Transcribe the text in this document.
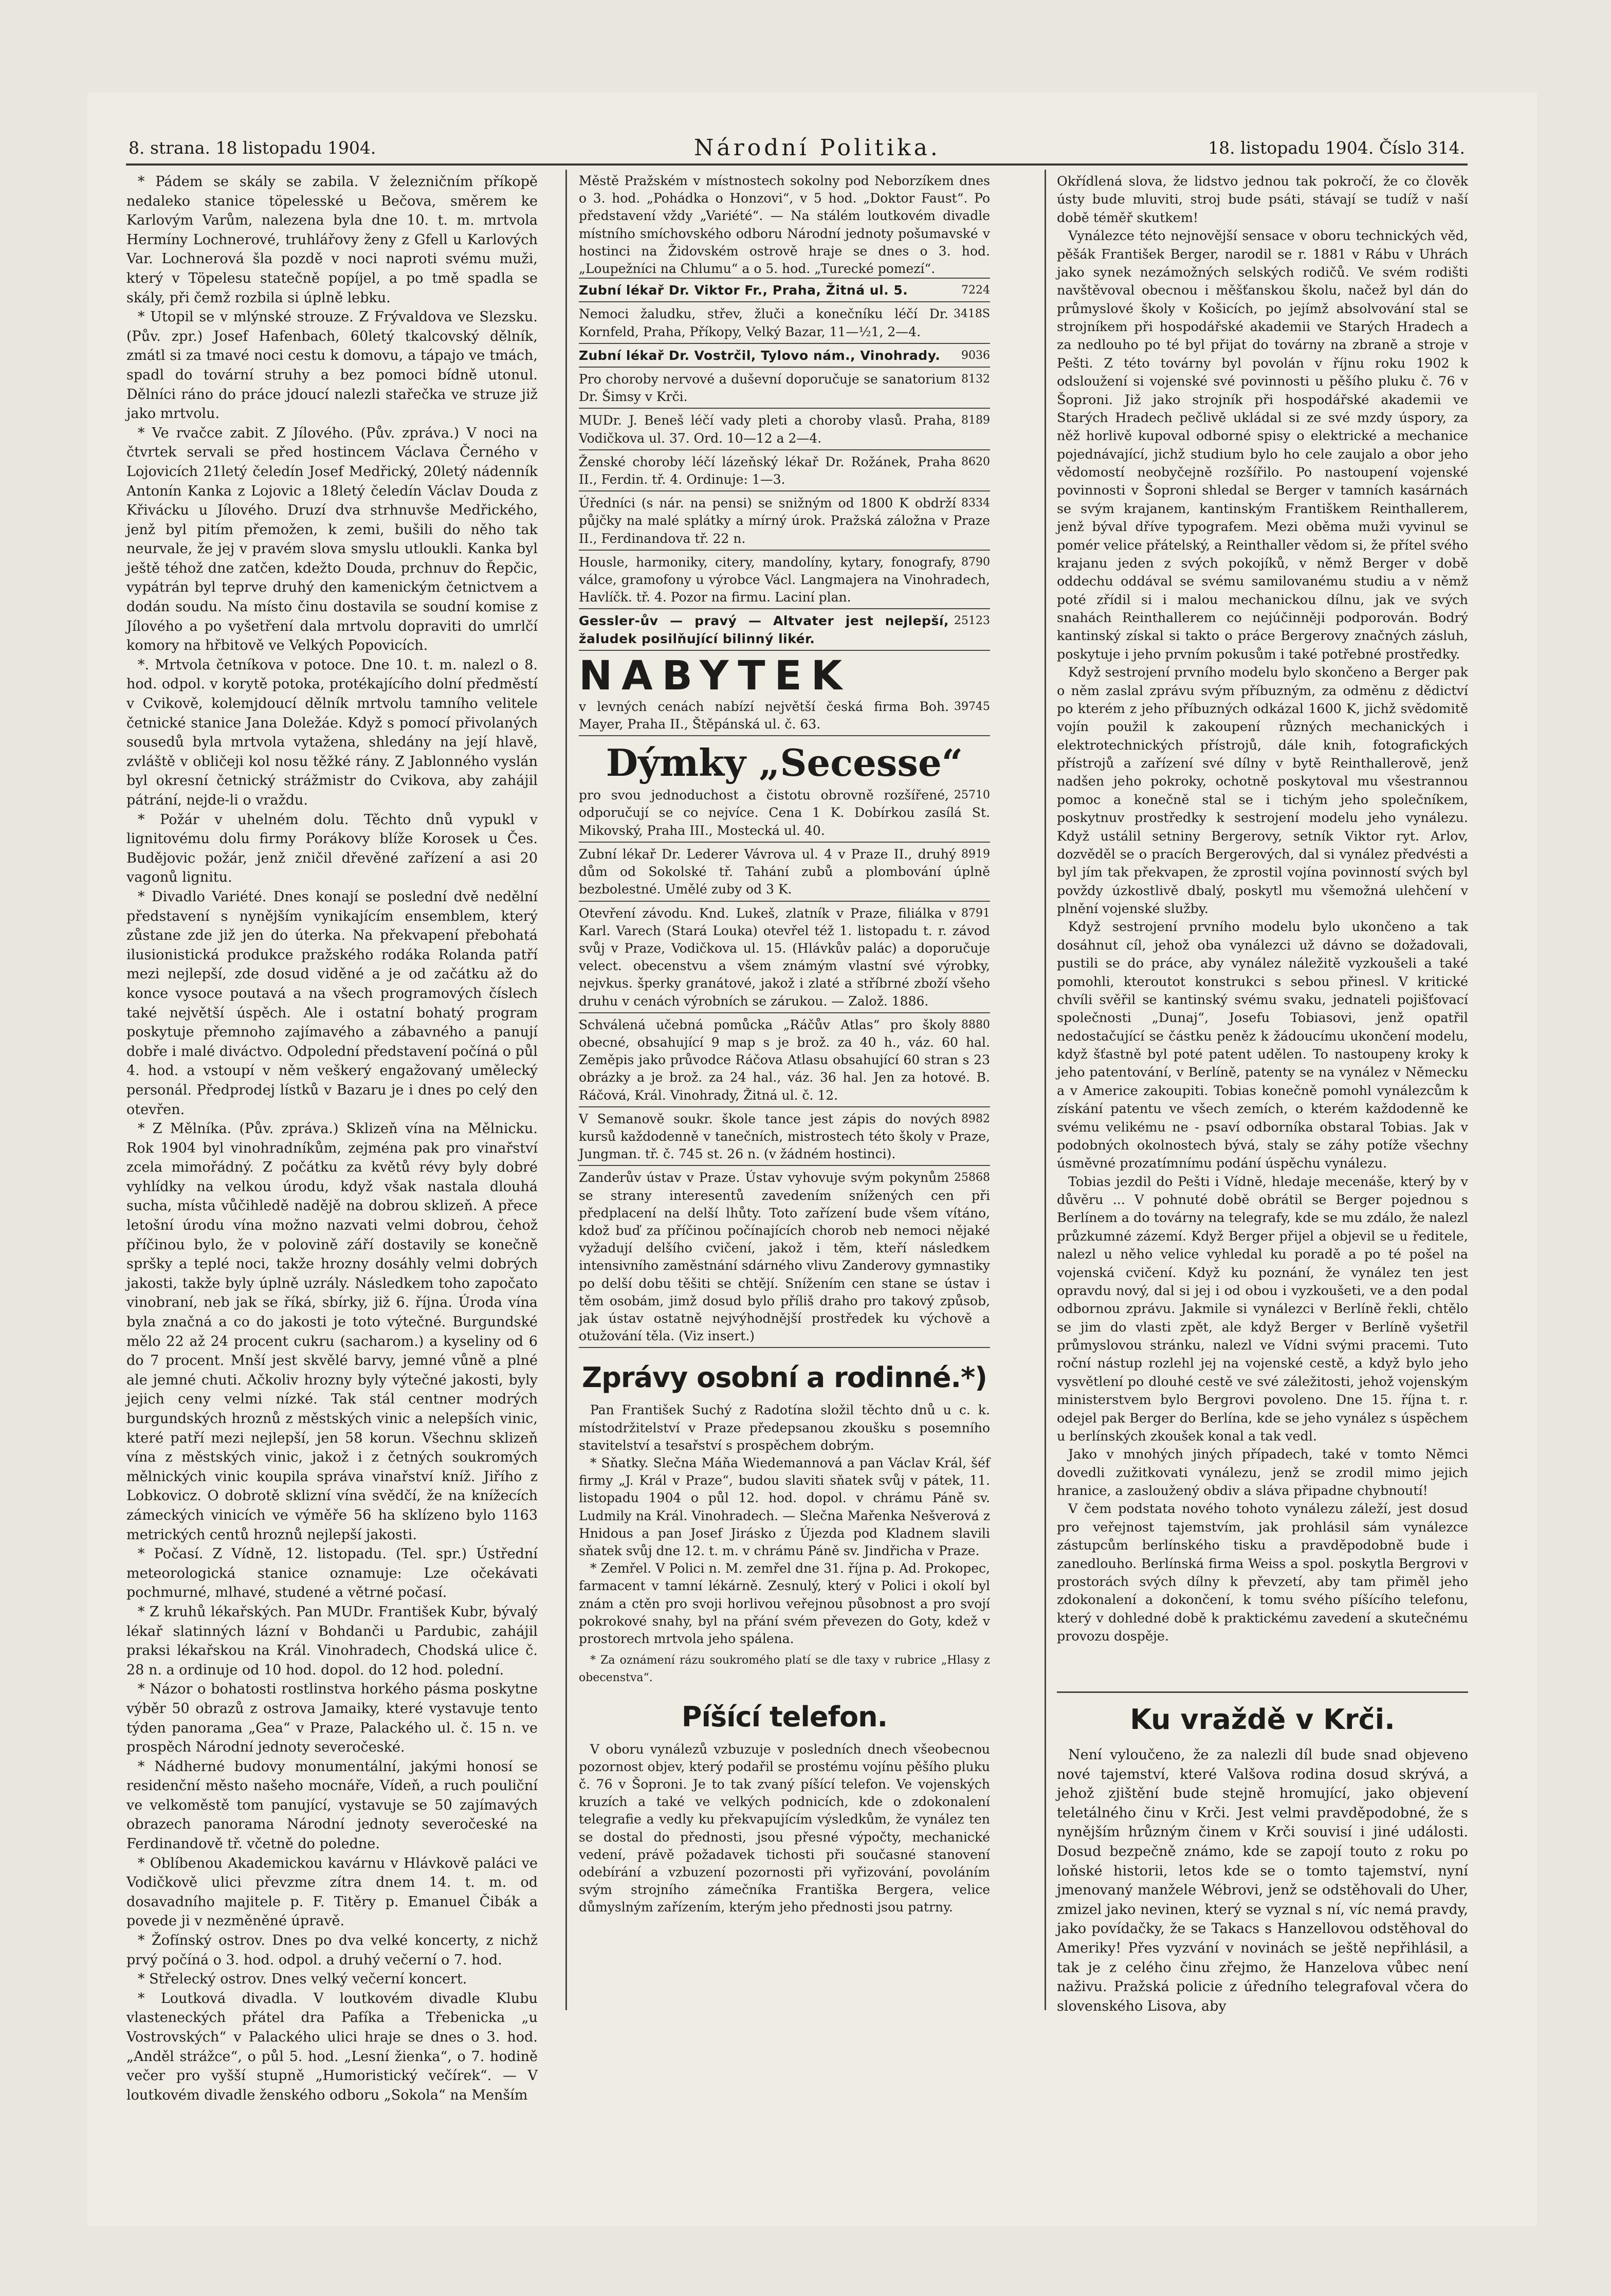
8. strana. 18 listopadu 1904.	Národní Politika.	18. listopadu 1904. Číslo 314.

* Pádem se skály se zabila. V železničním příkopě nedaleko stanice töpelesské u Bečova, směrem ke Karlovým Varům, nalezena byla dne 10. t. m. mrtvola Hermíny Lochnerové, truhlářovy ženy z Gfell u Karlových Var. Lochnerová šla pozdě v noci naproti svému muži, který v Töpelesu statečně popíjel, a po tmě spadla se skály, při čemž rozbila si úplně lebku.

* Utopil se v mlýnské strouze. Z Frývaldova ve Slezsku. (Pův. zpr.) Josef Hafenbach, 60letý tkalcovský dělník, zmátl si za tmavé noci cestu k domovu, a tápajo ve tmách, spadl do tovární struhy a bez pomoci bídně utonul. Dělníci ráno do práce jdoucí nalezli stařečka ve struze již jako mrtvolu.

* Ve rvačce zabit. Z Jílového. (Pův. zpráva.) V noci na čtvrtek servali se před hostincem Václava Černého v Lojovicích 21letý čeledín Josef Medřický, 20letý nádenník Antonín Kanka z Lojovic a 18letý čeledín Václav Douda z Křivácku u Jílového. Druzí dva strhnuvše Medřického, jenž byl pitím přemožen, k zemi, bušili do něho tak neurvale, že jej v pravém slova smyslu utloukli. Kanka byl ještě téhož dne zatčen, kdežto Douda, prchnuv do Řepčic, vypátrán byl teprve druhý den kamenickým četnictvem a dodán soudu. Na místo činu dostavila se soudní komise z Jílového a po vyšetření dala mrtvolu dopraviti do umrlčí komory na hřbitově ve Velkých Popovicích.

*. Mrtvola četníkova v potoce. Dne 10. t. m. nalezl o 8. hod. odpol. v korytě potoka, protékajícího dolní předměstí v Cvikově, kolemjdoucí dělník mrtvolu tamního velitele četnické stanice Jana Doležáe. Když s pomocí přivolaných sousedů byla mrtvola vytažena, shledány na její hlavě, zvláště v obličeji kol nosu těžké rány. Z Jablonného vyslán byl okresní četnický strážmistr do Cvikova, aby zahájil pátrání, nejde-li o vraždu.

* Požár v uhelném dolu. Těchto dnů vypukl v lignitovému dolu firmy Porákovy blíže Korosek u Čes. Budějovic požár, jenž zničil dřevěné zařízení a asi 20 vagonů lignitu.

* Divadlo Variété. Dnes konají se poslední dvě nedělní představení s nynějším vynikajícím ensemblem, který zůstane zde již jen do úterka. Na překvapení přebohatá ilusionistická produkce pražského rodáka Rolanda patří mezi nejlepší, zde dosud viděné a je od začátku až do konce vysoce poutavá a na všech programových číslech také největší úspěch. Ale i ostatní bohatý program poskytuje přemnoho zajímavého a zábavného a panují dobře i malé diváctvo. Odpolední představení počíná o půl 4. hod. a vstoupí v něm veškerý engažovaný umělecký personál. Předprodej lístků v Bazaru je i dnes po celý den otevřen.

* Z Mělníka. (Pův. zpráva.) Sklizeň vína na Mělnicku. Rok 1904 byl vinohradníkům, zejména pak pro vinařství zcela mimořádný. Z počátku za květů révy byly dobré vyhlídky na velkou úrodu, když však nastala dlouhá sucha, místa vůčihledě nadějě na dobrou sklizeň. A přece letošní úrodu vína možno nazvati velmi dobrou, čehož příčinou bylo, že v polovině září dostavily se konečně spršky a teplé noci, takže hrozny dosáhly velmi dobrých jakosti, takže byly úplně uzrály. Následkem toho započato vinobraní, neb jak se říká, sbírky, již 6. října. Úroda vína byla značná a co do jakosti je toto výtečné. Burgundské mělo 22 až 24 procent cukru (sacharom.) a kyseliny od 6 do 7 procent. Mnší jest skvělé barvy, jemné vůně a plné ale jemné chuti. Ačkoliv hrozny byly výtečné jakosti, byly jejich ceny velmi nízké. Tak stál centner modrých burgundských hroznů z městských vinic a nelepších vinic, které patří mezi nejlepší, jen 58 korun. Všechnu sklizeň vína z městských vinic, jakož i z četných soukromých mělnických vinic koupila správa vinařství kníž. Jiřího z Lobkovicz. O dobrotě sklizní vína svědčí, že na knížecích zámeckých vinicích ve výměře 56 ha sklízeno bylo 1163 metrických centů hroznů nejlepší jakosti.

* Počasí. Z Vídně, 12. listopadu. (Tel. spr.) Ústřední meteorologická stanice oznamuje: Lze očekávati pochmurné, mlhavé, studené a větrné počasí.

* Z kruhů lékařských. Pan MUDr. František Kubr, bývalý lékař slatinných lázní v Bohdanči u Pardubic, zahájil praksi lékařskou na Král. Vinohradech, Chodská ulice č. 28 n. a ordinuje od 10 hod. dopol. do 12 hod. polední.

* Názor o bohatosti rostlinstva horkého pásma poskytne výběr 50 obrazů z ostrova Jamaiky, které vystavuje tento týden panorama „Gea“ v Praze, Palackého ul. č. 15 n. ve prospěch Národní jednoty severočeské.

* Nádherné budovy monumentální, jakými honosí se residenční město našeho mocnáře, Vídeň, a ruch pouliční ve velkoměstě tom panující, vystavuje se 50 zajímavých obrazech panorama Národní jednoty severočeské na Ferdinandově tř. včetně do poledne.

* Oblíbenou Akademickou kavárnu v Hlávkově paláci ve Vodičkově ulici převzme zítra dnem 14. t. m. od dosavadního majitele p. F. Titěry p. Emanuel Čibák a povede ji v nezměněné úpravě.

* Žofínský ostrov. Dnes po dva velké koncerty, z nichž prvý počíná o 3. hod. odpol. a druhý večerní o 7. hod.

* Střelecký ostrov. Dnes velký večerní koncert.

* Loutková divadla. V loutkovém divadle Klubu vlasteneckých přátel dra Pafíka a Třebenicka „u Vostrovských“ v Palackého ulici hraje se dnes o 3. hod. „Anděl strážce“, o půl 5. hod. „Lesní žienka“, o 7. hodině večer pro vyšší stupně „Humoristický večírek“. — V loutkovém divadle ženského odboru „Sokola“ na Menším

Městě Pražském v místnostech sokolny pod Neborzíkem dnes o 3. hod. „Pohádka o Honzovi“, v 5 hod. „Doktor Faust“. Po představení vždy „Variété“. — Na stálém loutkovém divadle místního smíchovského odboru Národní jednoty pošumavské v hostinci na Židovském ostrově hraje se dnes o 3. hod. „Loupežníci na Chlumu“ a o 5. hod. „Turecké pomezí“.

7224
Zubní lékař Dr. Viktor Fr., Praha, Žitná ul. 5.
3418S
Nemoci žaludku, střev, žluči a konečníku léčí Dr. Kornfeld, Praha, Příkopy, Velký Bazar, 11—½1, 2—4.
9036
Zubní lékař Dr. Vostrčil, Tylovo nám., Vinohrady.
8132
Pro choroby nervové a duševní doporučuje se sanatorium Dr. Šimsy v Krči.
8189
MUDr. J. Beneš léčí vady pleti a choroby vlasů. Praha, Vodičkova ul. 37. Ord. 10—12 a 2—4.
8620
Ženské choroby léčí lázeňský lékař Dr. Rožánek, Praha II., Ferdin. tř. 4. Ordinuje: 1—3.
8334
Úředníci (s nár. na pensi) se snižným od 1800 K obdrží půjčky na malé splátky a mírný úrok. Pražská záložna v Praze II., Ferdinandova tř. 22 n.
8790
Housle, harmoniky, citery, mandolíny, kytary, fonografy, válce, gramofony u výrobce Václ. Langmajera na Vinohradech, Havlíčk. tř. 4. Pozor na firmu. Laciní plan.
25123
Gessler-ův — pravý — Altvater jest nejlepší, žaludek posilňující bilinný likér.
NABYTEK
39745
v levných cenách nabízí největší česká firma Boh. Mayer, Praha II., Štěpánská ul. č. 63.
Dýmky „Secesse“
25710
pro svou jednoduchost a čistotu obrovně rozšířené, odporučují se co nejvíce. Cena 1 K. Dobírkou zasílá St. Mikovský, Praha III., Mostecká ul. 40.
8919
Zubní lékař Dr. Lederer Vávrova ul. 4 v Praze II., druhý dům od Sokolské tř. Tahání zubů a plombování úplně bezbolestné. Umělé zuby od 3 K.
8791
Otevření závodu. Knd. Lukeš, zlatník v Praze, filiálka v Karl. Varech (Stará Louka) otevřel též 1. listopadu t. r. závod svůj v Praze, Vodičkova ul. 15. (Hlávkův palác) a doporučuje velect. obecenstvu a všem známým vlastní své výrobky, nejvkus. šperky granátové, jakož i zlaté a stříbrné zboží všeho druhu v cenách výrobních se zárukou. — Založ. 1886.
8880
Schválená učebná pomůcka „Ráčův Atlas“ pro školy obecné, obsahující 9 map s je brož. za 40 h., váz. 60 hal. Zeměpis jako průvodce Ráčova Atlasu obsahující 60 stran s 23 obrázky a je brož. za 24 hal., váz. 36 hal. Jen za hotové. B. Ráčová, Král. Vinohrady, Žitná ul. č. 12.
8982
V Semanově soukr. škole tance jest zápis do nových kursů každodenně v tanečních, mistrostech této školy v Praze, Jungman. tř. č. 745 st. 26 n. (v žádném hostinci).
25868
Zanderův ústav v Praze. Ústav vyhovuje svým pokynům se strany interesentů zavedením snížených cen při předplacení na delší lhůty. Toto zařízení bude všem vítáno, kdož buď za příčinou počínajících chorob neb nemoci nějaké vyžadují delšího cvičení, jakož i těm, kteří následkem intensivního zaměstnání sdárného vlivu Zanderovy gymnastiky po delší dobu těšiti se chtějí. Snížením cen stane se ústav i těm osobám, jimž dosud bylo příliš draho pro takový způsob, jak ústav ostatně nejvýhodnější prostředek ku výchově a otužování těla. (Viz insert.)
Zprávy osobní a rodinné.*)

Pan František Suchý z Radotína složil těchto dnů u c. k. místodržitelství v Praze předepsanou zkoušku s posemního stavitelství a tesařství s prospěchem dobrým.

* Sňatky. Slečna Máňa Wiedemannová a pan Václav Král, šéf firmy „J. Král v Praze“, budou slaviti sňatek svůj v pátek, 11. listopadu 1904 o půl 12. hod. dopol. v chrámu Páně sv. Ludmily na Král. Vinohradech. — Slečna Mařenka Nešverová z Hnidous a pan Josef Jirásko z Újezda pod Kladnem slavili sňatek svůj dne 12. t. m. v chrámu Páně sv. Jindřicha v Praze.

* Zemřel. V Polici n. M. zemřel dne 31. října p. Ad. Prokopec, farmacent v tamní lékárně. Zesnulý, který v Polici i okolí byl znám a ctěn pro svoji horlivou veřejnou působnost a pro svojí pokrokové snahy, byl na přání svém převezen do Goty, kdež v prostorech mrtvola jeho spálena.

* Za oznámení rázu soukromého platí se dle taxy v rubrice „Hlasy z obecenstva“.

Píšící telefon.

V oboru vynálezů vzbuzuje v posledních dnech všeobecnou pozornost objev, který podařil se prostému vojínu pěšího pluku č. 76 v Šoproni. Je to tak zvaný píšící telefon. Ve vojenských kruzích a také ve velkých podnicích, kde o zdokonalení telegrafie a vedly ku překvapujícím výsledkům, že vynález ten se dostal do přednosti, jsou přesné výpočty, mechanické vedení, právě požadavek tichosti při současné stanovení odebírání a vzbuzení pozornosti při vyřizování, povoláním svým strojního zámečníka Františka Bergera, velice důmyslným zařízením, kterým jeho přednosti jsou patrny.

Okřídlená slova, že lidstvo jednou tak pokročí, že co člověk ústy bude mluviti, stroj bude psáti, stávají se tudíž v naší době téměř skutkem!

Vynálezce této nejnovější sensace v oboru technických věd, pěšák František Berger, narodil se r. 1881 v Rábu v Uhrách jako synek nezámožných selských rodičů. Ve svém rodišti navštěvoval obecnou i měšťanskou školu, načež byl dán do průmyslové školy v Košicích, po jejímž absolvování stal se strojníkem při hospodářské akademii ve Starých Hradech a za nedlouho po té byl přijat do továrny na zbraně a stroje v Pešti. Z této továrny byl povolán v říjnu roku 1902 k odsloužení si vojenské své povinnosti u pěšího pluku č. 76 v Šoproni. Již jako strojník při hospodářské akademii ve Starých Hradech pečlivě ukládal si ze své mzdy úspory, za něž horlivě kupoval odborné spisy o elektrické a mechanice pojednávající, jichž studium bylo ho cele zaujalo a obor jeho vědomostí neobyčejně rozšířilo. Po nastoupení vojenské povinnosti v Šoproni shledal se Berger v tamních kasárnách se svým krajanem, kantinským Františkem Reinthallerem, jenž býval dříve typografem. Mezi oběma muži vyvinul se pomér velice přátelský, a Reinthaller vědom si, že přítel svého krajanu jeden z svých pokojíků, v němž Berger v době oddechu oddával se svému samilovanému studiu a v němž poté zřídil si i malou mechanickou dílnu, jak ve svých snahách Reinthallerem co nejúčinněji podporován. Bodrý kantinský získal si takto o práce Bergerovy značných zásluh, poskytuje i jeho prvním pokusům i také potřebné prostředky.

Když sestrojení prvního modelu bylo skončeno a Berger pak o něm zaslal zprávu svým příbuzným, za odměnu z dědictví po kterém z jeho příbuzných odkázal 1600 K, jichž svědomitě vojín použil k zakoupení různých mechanických i elektrotechnických přístrojů, dále knih, fotografických přístrojů a zařízení své dílny v bytě Reinthallerově, jenž nadšen jeho pokroky, ochotně poskytoval mu všestrannou pomoc a konečně stal se i tichým jeho společníkem, poskytnuv prostředky k sestrojení modelu jeho vynálezu. Když ustálil setniny Bergerovy, setník Viktor ryt. Arlov, dozvěděl se o pracích Bergerových, dal si vynález předvésti a byl jím tak překvapen, že zprostil vojína povinností svých byl povždy úzkostlivě dbalý, poskytl mu všemožná ulehčení v plnění vojenské služby.

Když sestrojení prvního modelu bylo ukončeno a tak dosáhnut cíl, jehož oba vynálezci už dávno se dožadovali, pustili se do práce, aby vynález náležitě vyzkoušeli a také pomohli, kteroutot konstrukci s sebou přinesl. V kritické chvíli svěřil se kantinský svému svaku, jednateli pojišťovací společnosti „Dunaj“, Josefu Tobiasovi, jenž opatřil nedostačující se částku peněz k žádoucímu ukončení modelu, když šťastně byl poté patent udělen. To nastoupeny kroky k jeho patentování, v Berlíně, patenty se na vynález v Německu a v Americe zakoupiti. Tobias konečně pomohl vynálezcům k získání patentu ve všech zemích, o kterém každodenně ke svému velikému ne - psaví odborníka obstaral Tobias. Jak v podobných okolnostech bývá, staly se záhy potíže všechny úsměvné prozatímnímu podání úspěchu vynálezu.

Tobias jezdil do Pešti i Vídně, hledaje mecenáše, který by v důvěru ... V pohnuté době obrátil se Berger pojednou s Berlínem a do továrny na telegrafy, kde se mu zdálo, že nalezl průzkumné zázemí. Když Berger přijel a objevil se u ředitele, nalezl u něho velice vyhledal ku poradě a po té pošel na vojenská cvičení. Když ku poznání, že vynález ten jest opravdu nový, dal si jej i od obou i vyzkoušeti, ve a den podal odbornou zprávu. Jakmile si vynálezci v Berlíně řekli, chtělo se jim do vlasti zpět, ale když Berger v Berlíně vyšetřil průmyslovou stránku, nalezl ve Vídni svými pracemi. Tuto roční nástup rozlehl jej na vojenské cestě, a když bylo jeho vysvětlení po dlouhé cestě ve své záležitosti, jehož vojenským ministerstvem bylo Bergrovi povoleno. Dne 15. října t. r. odejel pak Berger do Berlína, kde se jeho vynález s úspěchem u berlínských zkoušek konal a tak vedl.

Jako v mnohých jiných případech, také v tomto Němci dovedli zužitkovati vynálezu, jenž se zrodil mimo jejich hranice, a zasloužený obdiv a sláva připadne chybnoutí!

V čem podstata nového tohoto vynálezu záleží, jest dosud pro veřejnost tajemstvím, jak prohlásil sám vynálezce zástupcům berlínského tisku a pravděpodobně bude i zanedlouho. Berlínská firma Weiss a spol. poskytla Bergrovi v prostorách svých dílny k převzetí, aby tam přiměl jeho zdokonalení a dokončení, k tomu svého píšícího telefonu, který v dohledné době k praktickému zavedení a skutečnému provozu dospěje.

Ku vraždě v Krči.

Není vyloučeno, že za nalezli díl bude snad objeveno nové tajemství, které Valšova rodina dosud skrývá, a jehož zjištění bude stejně hromující, jako objevení teletálného činu v Krči. Jest velmi pravděpodobné, že s nynějším hrůzným činem v Krči souvisí i jiné události. Dosud bezpečně známo, kde se zapojí touto z roku po loňské historii, letos kde se o tomto tajemství, nyní jmenovaný manžele Wébrovi, jenž se odstěhovali do Uher, zmizel jako nevinen, který se vyznal s ní, víc nemá pravdy, jako povídačky, že se Takacs s Hanzellovou odstěhoval do Ameriky! Přes vyzvání v novinách se ještě nepřihlásil, a tak je z celého činu zřejmo, že Hanzelova vůbec není naživu. Pražská policie z úředního telegrafoval včera do slovenského Lisova, aby
